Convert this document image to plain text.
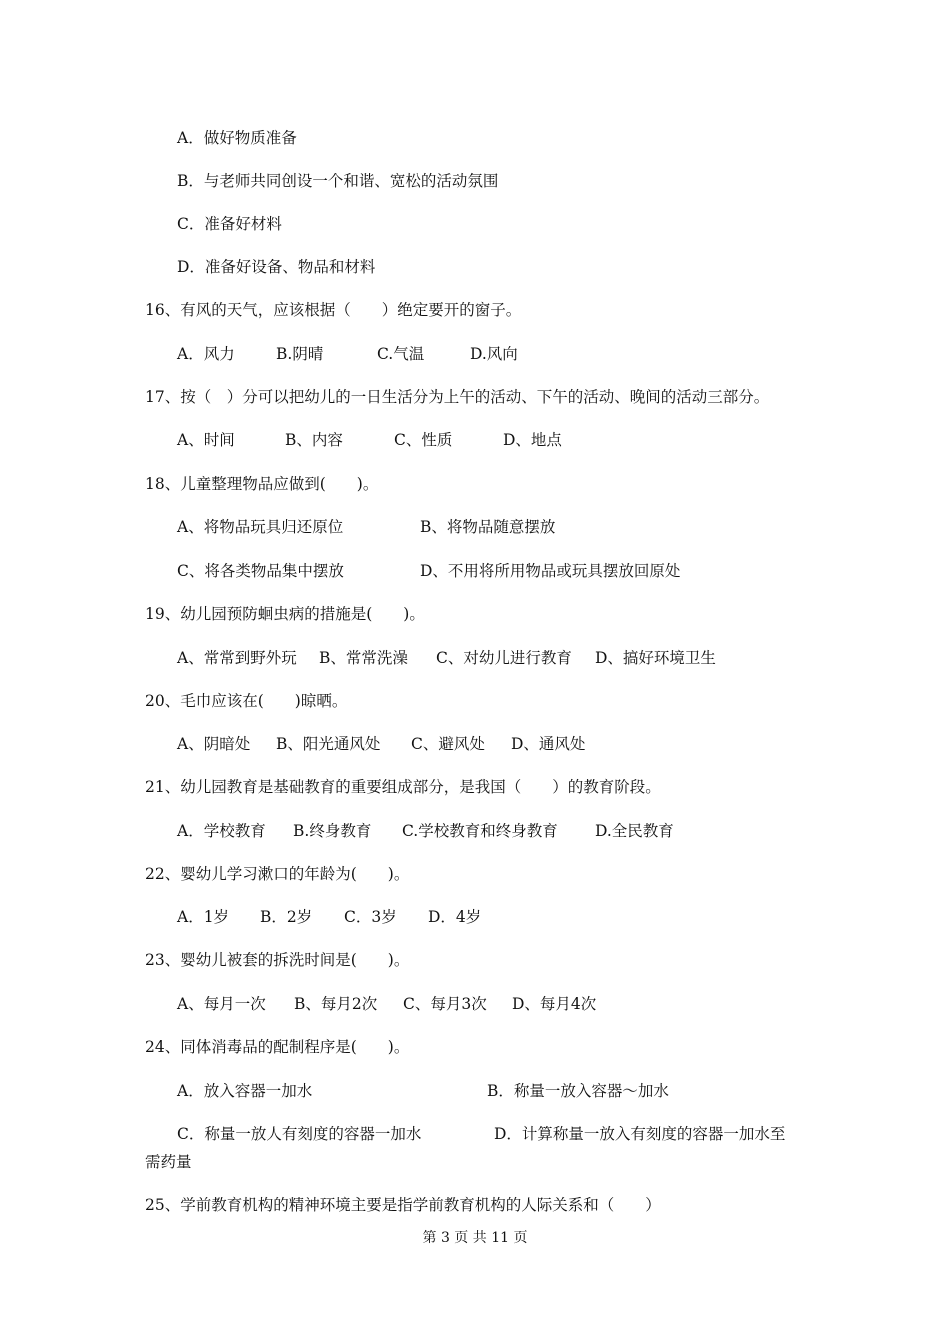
A．做好物质准备
B．与老师共同创设一个和谐、宽松的活动氛围
C．准备好材料
D．准备好设备、物品和材料
16、有风的天气，应该根据（　　）绝定要开的窗子。
A．风力	B.阴晴	C.气温	D.风向
17、按（　）分可以把幼儿的一日生活分为上午的活动、下午的活动、晚间的活动三部分。
A、时间	B、内容	C、性质	D、地点
18、儿童整理物品应做到(　　)。
A、将物品玩具归还原位	B、将物品随意摆放
C、将各类物品集中摆放	D、不用将所用物品或玩具摆放回原处
19、幼儿园预防蛔虫病的措施是(　　)。
A、常常到野外玩 B、常常洗澡 C、对幼儿进行教育 D、搞好环境卫生
20、毛巾应该在(　　)晾晒。
A、阴暗处 B、阳光通风处 C、避风处 D、通风处
21、幼儿园教育是基础教育的重要组成部分，是我国（　　）的教育阶段。
A．学校教育 B.终身教育 C.学校教育和终身教育 D.全民教育
22、婴幼儿学习漱口的年龄为(　　)。
A．1岁 B．2岁 C．3岁 D．4岁
23、婴幼儿被套的拆洗时间是(　　)。
A、每月一次 B、每月2次 C、每月3次 D、每月4次
24、同体消毒品的配制程序是(　　)。
A．放入容器一加水	B．称量一放入容器～加水
C．称量一放人有刻度的容器一加水	D．计算称量一放入有刻度的容器一加水至
需药量
25、学前教育机构的精神环境主要是指学前教育机构的人际关系和（　　）
第 3 页 共 11 页
